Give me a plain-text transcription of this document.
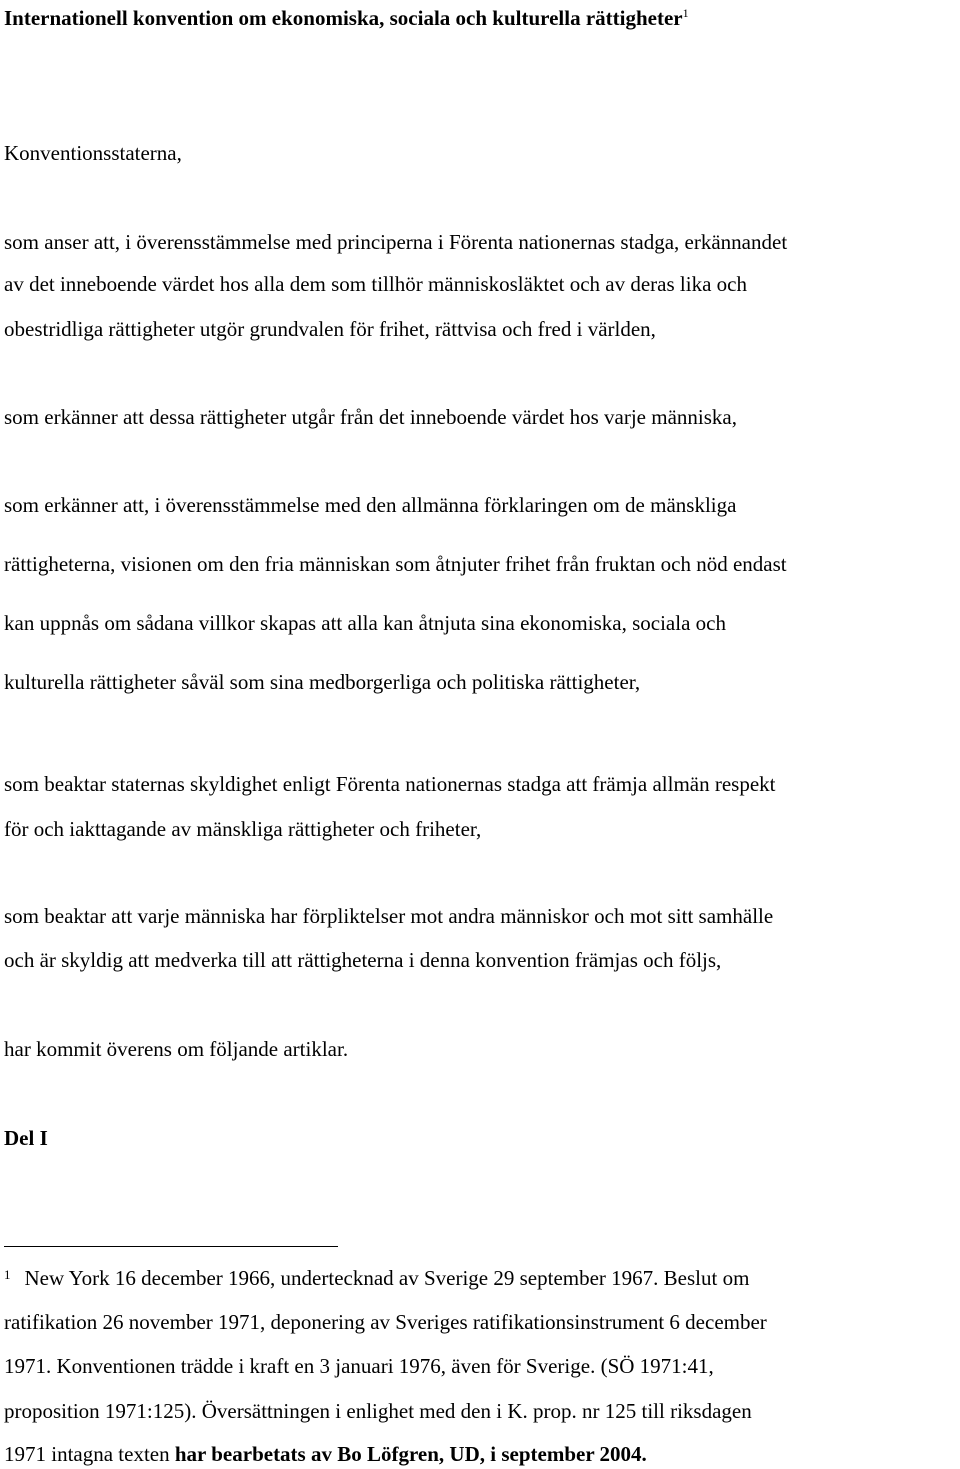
Internationell konvention om ekonomiska, sociala och kulturella rättigheter$^1$

Konventionsstaterna,

som anser att, i överensstämmelse med principerna i Förenta nationernas stadga, erkännandet

av det inneboende värdet hos alla dem som tillhör människosläktet och av deras lika och

obestridliga rättigheter utgör grundvalen för frihet, rättvisa och fred i världen,

som erkänner att dessa rättigheter utgår från det inneboende värdet hos varje människa,

som erkänner att, i överensstämmelse med den allmänna förklaringen om de mänskliga

rättigheterna, visionen om den fria människan som åtnjuter frihet från fruktan och nöd endast

kan uppnås om sådana villkor skapas att alla kan åtnjuta sina ekonomiska, sociala och

kulturella rättigheter såväl som sina medborgerliga och politiska rättigheter,

som beaktar staternas skyldighet enligt Förenta nationernas stadga att främja allmän respekt

för och iakttagande av mänskliga rättigheter och friheter,

som beaktar att varje människa har förpliktelser mot andra människor och mot sitt samhälle

och är skyldig att medverka till att rättigheterna i denna konvention främjas och följs,

har kommit överens om följande artiklar.

Del I

$^1$ New York 16 december 1966, undertecknad av Sverige 29 september 1967. Beslut om

ratifikation 26 november 1971, deponering av Sveriges ratifikationsinstrument 6 december

1971. Konventionen trädde i kraft en 3 januari 1976, även för Sverige. (SÖ 1971:41,

proposition 1971:125). Översättningen i enlighet med den i K. prop. nr 125 till riksdagen

1971 intagna texten har bearbetats av Bo Löfgren, UD, i september 2004.
